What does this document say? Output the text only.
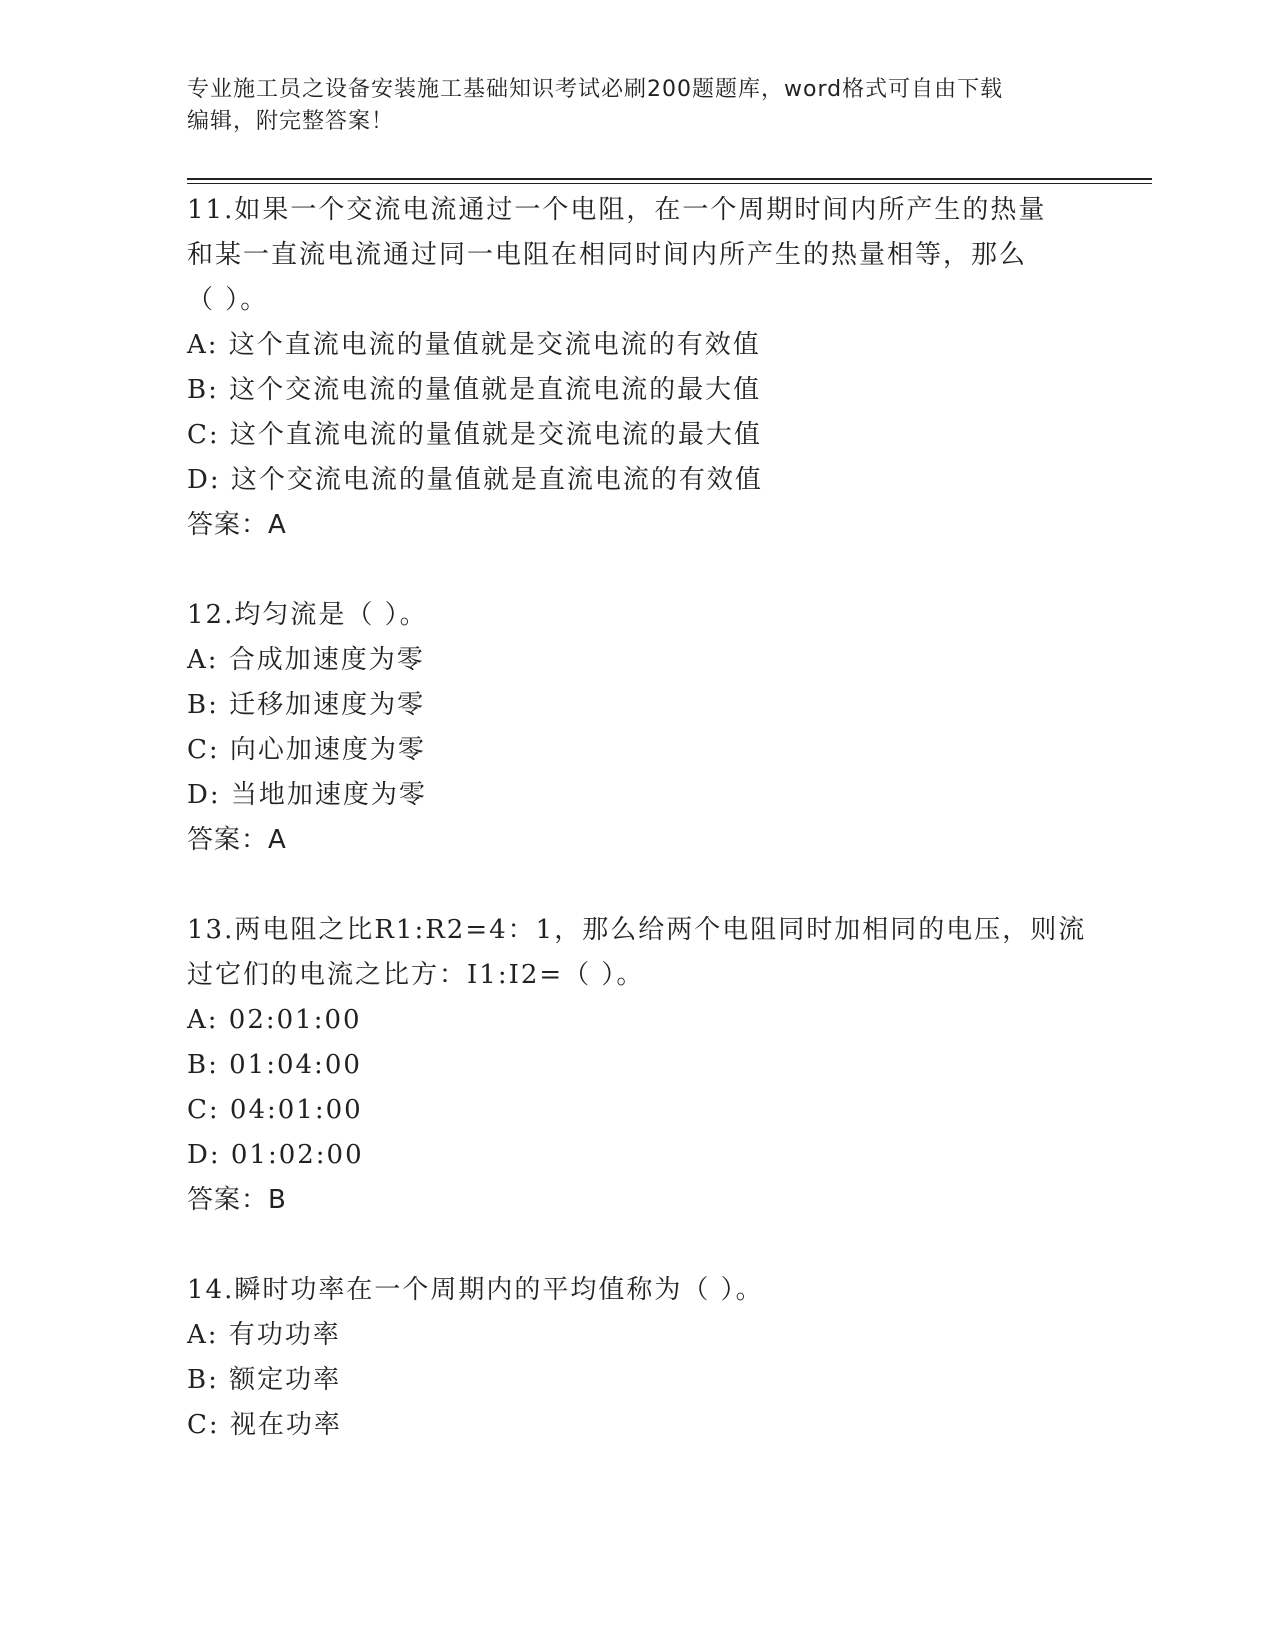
专业施工员之设备安装施工基础知识考试必刷200题题库，word格式可自由下载
编辑，附完整答案！

11.如果一个交流电流通过一个电阻，在一个周期时间内所产生的热量

和某一直流电流通过同一电阻在相同时间内所产生的热量相等，那么

（ ）。

A: 这个直流电流的量值就是交流电流的有效值

B: 这个交流电流的量值就是直流电流的最大值

C: 这个直流电流的量值就是交流电流的最大值

D: 这个交流电流的量值就是直流电流的有效值

答案：A

12.均匀流是（ ）。

A: 合成加速度为零

B: 迁移加速度为零

C: 向心加速度为零

D: 当地加速度为零

答案：A

13.两电阻之比R1:R2=4：1，那么给两个电阻同时加相同的电压，则流

过它们的电流之比方：I1:I2=（ ）。

A: 02:01:00

B: 01:04:00

C: 04:01:00

D: 01:02:00

答案：B

14.瞬时功率在一个周期内的平均值称为（ ）。

A: 有功功率

B: 额定功率

C: 视在功率
